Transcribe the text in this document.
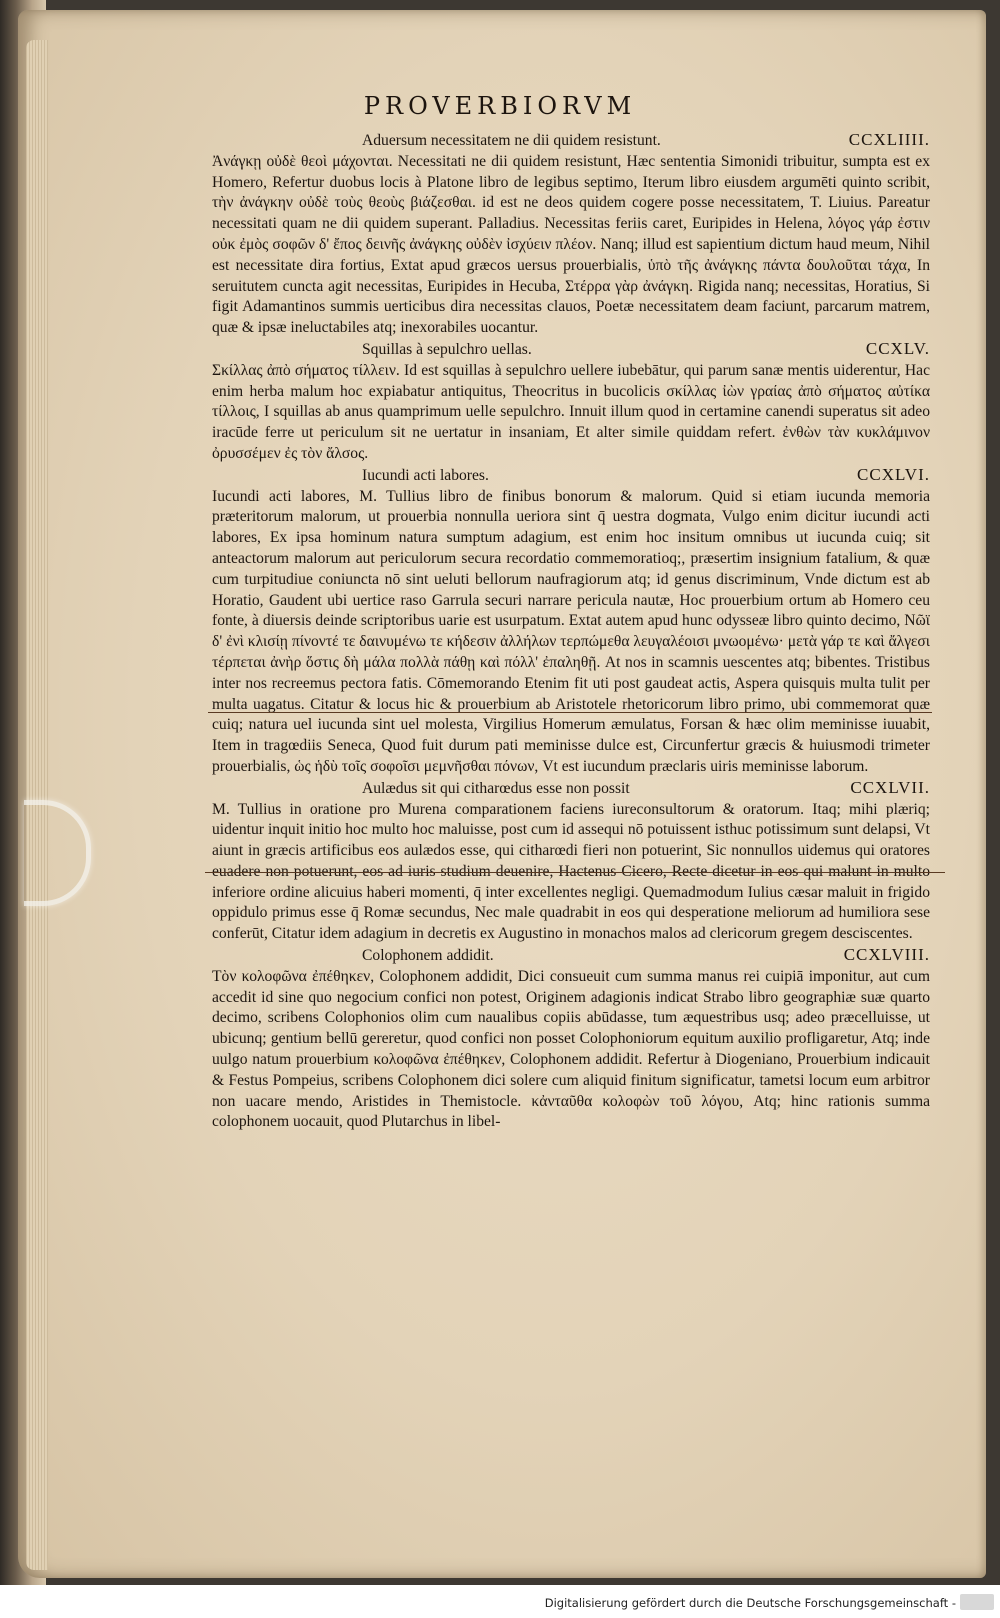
PROVERBIORVM
Aduersum necessitatem ne dii quidem resistunt.	CCXLIIII.

Ἀνάγκῃ οὐδὲ θεοὶ μάχονται. Necessitati ne dii quidem resistunt, Hæc sententia Simonidi tribuitur, sumpta est ex Homero, Refertur duobus locis à Platone libro de legibus septimo, Iterum libro eiusdem argumēti quinto scribit, τὴν ἀνάγκην οὐδὲ τοὺς θεοὺς βιάζεσθαι. id est ne deos quidem cogere posse necessitatem, T. Liuius. Pareatur necessitati quam ne dii quidem superant. Palladius. Necessitas feriis caret, Euripides in Helena, λόγος γάρ ἐστιν οὐκ ἐμὸς σοφῶν δ' ἔπος δεινῆς ἀνάγκης οὐδὲν ἰσχύειν πλέον. Nanq; illud est sapientium dictum haud meum, Nihil est necessitate dira fortius, Extat apud græcos uersus prouerbialis, ὑπὸ τῆς ἀνάγκης πάντα δουλοῦται τάχα, In seruitutem cuncta agit necessitas, Euripides in Hecuba, Στέρρα γὰρ ἀνάγκη. Rigida nanq; necessitas, Horatius, Si figit Adamantinos summis uerticibus dira necessitas clauos, Poetæ necessitatem deam faciunt, parcarum matrem, quæ & ipsæ ineluctabiles atq; inexorabiles uocantur.

Squillas à sepulchro uellas.	CCXLV.

Σκίλλας ἀπὸ σήματος τίλλειν. Id est squillas à sepulchro uellere iubebātur, qui parum sanæ mentis uiderentur, Hac enim herba malum hoc expiabatur antiquitus, Theocritus in bucolicis σκίλλας ἰὼν γραίας ἀπὸ σήματος αὐτίκα τίλλοις, I squillas ab anus quamprimum uelle sepulchro. Innuit illum quod in certamine canendi superatus sit adeo iracūde ferre ut periculum sit ne uertatur in insaniam, Et alter simile quiddam refert. ἐνθὼν τὰν κυκλάμινον ὀρυσσέμεν ἐς τὸν ἄλσος.

Iucundi acti labores.	CCXLVI.

Iucundi acti labores, M. Tullius libro de finibus bonorum & malorum. Quid si etiam iucunda memoria præteritorum malorum, ut prouerbia nonnulla ueriora sint q̄ uestra dogmata, Vulgo enim dicitur iucundi acti labores, Ex ipsa hominum natura sumptum adagium, est enim hoc insitum omnibus ut iucunda cuiq; sit anteactorum malorum aut periculorum secura recordatio commemoratioq;, præsertim insignium fatalium, & quæ cum turpitudiue coniuncta nō sint ueluti bellorum naufragiorum atq; id genus discriminum, Vnde dictum est ab Horatio, Gaudent ubi uertice raso Garrula securi narrare pericula nautæ, Hoc prouerbium ortum ab Homero ceu fonte, à diuersis deinde scriptoribus uarie est usurpatum. Extat autem apud hunc odysseæ libro quinto decimo, Νῶϊ δ' ἐνὶ κλισίῃ πίνοντέ τε δαινυμένω τε κήδεσιν ἀλλήλων τερπώμεθα λευγαλέοισι μνωομένω· μετὰ γάρ τε καὶ ἄλγεσι τέρπεται ἀνὴρ ὅστις δὴ μάλα πολλὰ πάθῃ καὶ πόλλ' ἐπαληθῇ. At nos in scamnis uescentes atq; bibentes. Tristibus inter nos recreemus pectora fatis. Cōmemorando Etenim fit uti post gaudeat actis, Aspera quisquis multa tulit per multa uagatus. Citatur & locus hic & prouerbium ab Aristotele rhetoricorum libro primo, ubi commemorat quæ cuiq; natura uel iucunda sint uel molesta, Virgilius Homerum æmulatus, Forsan & hæc olim meminisse iuuabit, Item in tragœdiis Seneca, Quod fuit durum pati meminisse dulce est, Circunfertur græcis & huiusmodi trimeter prouerbialis, ὡς ἡδὺ τοῖς σοφοῖσι μεμνῆσθαι πόνων, Vt est iucundum præclaris uiris meminisse laborum.

Aulædus sit qui citharœdus esse non possit	CCXLVII.

M. Tullius in oratione pro Murena comparationem faciens iureconsultorum & oratorum. Itaq; mihi plæriq; uidentur inquit initio hoc multo hoc maluisse, post cum id assequi nō potuissent isthuc potissimum sunt delapsi, Vt aiunt in græcis artificibus eos aulædos esse, qui citharœdi fieri non potuerint, Sic nonnullos uidemus qui oratores euadere non potuerunt, eos ad iuris studium deuenire, Hactenus Cicero, Recte dicetur in eos qui malunt in multo inferiore ordine alicuius haberi momenti, q̄ inter excellentes negligi. Quemadmodum Iulius cæsar maluit in frigido oppidulo primus esse q̄ Romæ secundus, Nec male quadrabit in eos qui desperatione meliorum ad humiliora sese conferūt, Citatur idem adagium in decretis ex Augustino in monachos malos ad clericorum gregem desciscentes.

Colophonem addidit.	CCXLVIII.

Τὸν κολοφῶνα ἐπέθηκεν, Colophonem addidit, Dici consueuit cum summa manus rei cuipiā imponitur, aut cum accedit id sine quo negocium confici non potest, Originem adagionis indicat Strabo libro geographiæ suæ quarto decimo, scribens Colophonios olim cum naualibus copiis abūdasse, tum æquestribus usq; adeo præcelluisse, ut ubicunq; gentium bellū gereretur, quod confici non posset Colophoniorum equitum auxilio profligaretur, Atq; inde uulgo natum prouerbium κολοφῶνα ἐπέθηκεν, Colophonem addidit. Refertur à Diogeniano, Prouerbium indicauit & Festus Pompeius, scribens Colophonem dici solere cum aliquid finitum significatur, tametsi locum eum arbitror non uacare mendo, Aristides in Themistocle. κἀνταῦθα κολοφὼν τοῦ λόγου, Atq; hinc rationis summa colophonem uocauit, quod Plutarchus in libel-

Digitalisierung gefördert durch die Deutsche Forschungsgemeinschaft -
